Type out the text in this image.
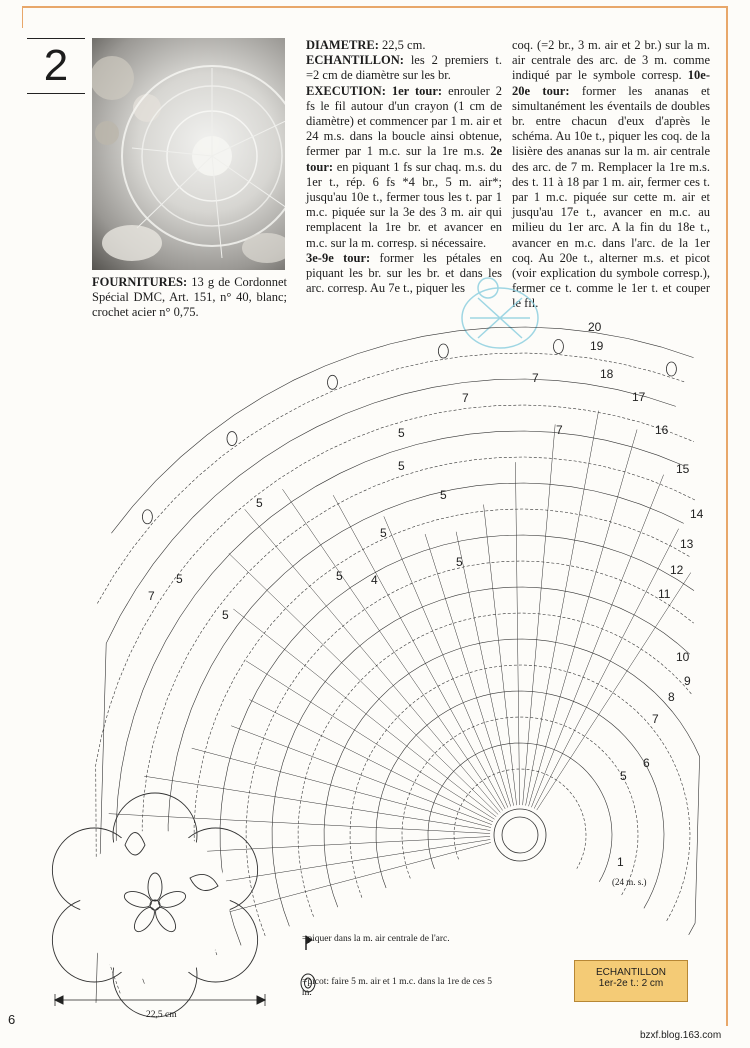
2
FOURNITURES: 13 g de Cordonnet Spécial DMC, Art. 151, n° 40, blanc; crochet acier n° 0,75.
DIAMETRE: 22,5 cm.
ECHANTILLON: les 2 premiers t. =2 cm de diamètre sur les br.
EXECUTION: 1er tour: enrouler 2 fs le fil autour d'un crayon (1 cm de diamètre) et commencer par 1 m. air et 24 m.s. dans la boucle ainsi obtenue, fermer par 1 m.c. sur la 1re m.s. 2e tour: en piquant 1 fs sur chaq. m.s. du 1er t., rép. 6 fs *4 br., 5 m. air*; jusqu'au 10e t., fermer tous les t. par 1 m.c. piquée sur la 3e des 3 m. air qui remplacent la 1re br. et avancer en m.c. sur la m. corresp. si nécessaire.
3e-9e tour: former les pétales en piquant les br. sur les br. et dans les arc. corresp. Au 7e t., piquer les
coq. (=2 br., 3 m. air et 2 br.) sur la m. air centrale des arc. de 3 m. comme indiqué par le symbole corresp. 10e-20e tour: former les ananas et simultanément les éventails de doubles br. entre chacun d'eux d'après le schéma. Au 10e t., piquer les coq. de la lisière des ananas sur la m. air centrale des arc. de 7 m. Remplacer la 1re m.s. des t. 11 à 18 par 1 m. air, fermer ces t. par 1 m.c. piquée sur cette m. air et jusqu'au 17e t., avancer en m.c. au milieu du 1er arc. A la fin du 18e t., avancer en m.c. dans l'arc. de la 1er coq. Au 20e t., alterner m.s. et picot (voir explication du symbole corresp.), fermer ce t. comme le 1er t. et couper le fil.
20
19
18
17
16
15
14
13
12
11
10
9
8
7
6
5
1
7
7
7
5
5
5
5
5
5
5	5
5
4
7
(24 m. s.)
=piquer dans la m. air centrale de l'arc.
=picot: faire 5 m. air et 1 m.c. dans la 1re de ces 5 m.
22,5 cm
ECHANTILLON
1er-2e t.: 2 cm
6
bzxf.blog.163.com
